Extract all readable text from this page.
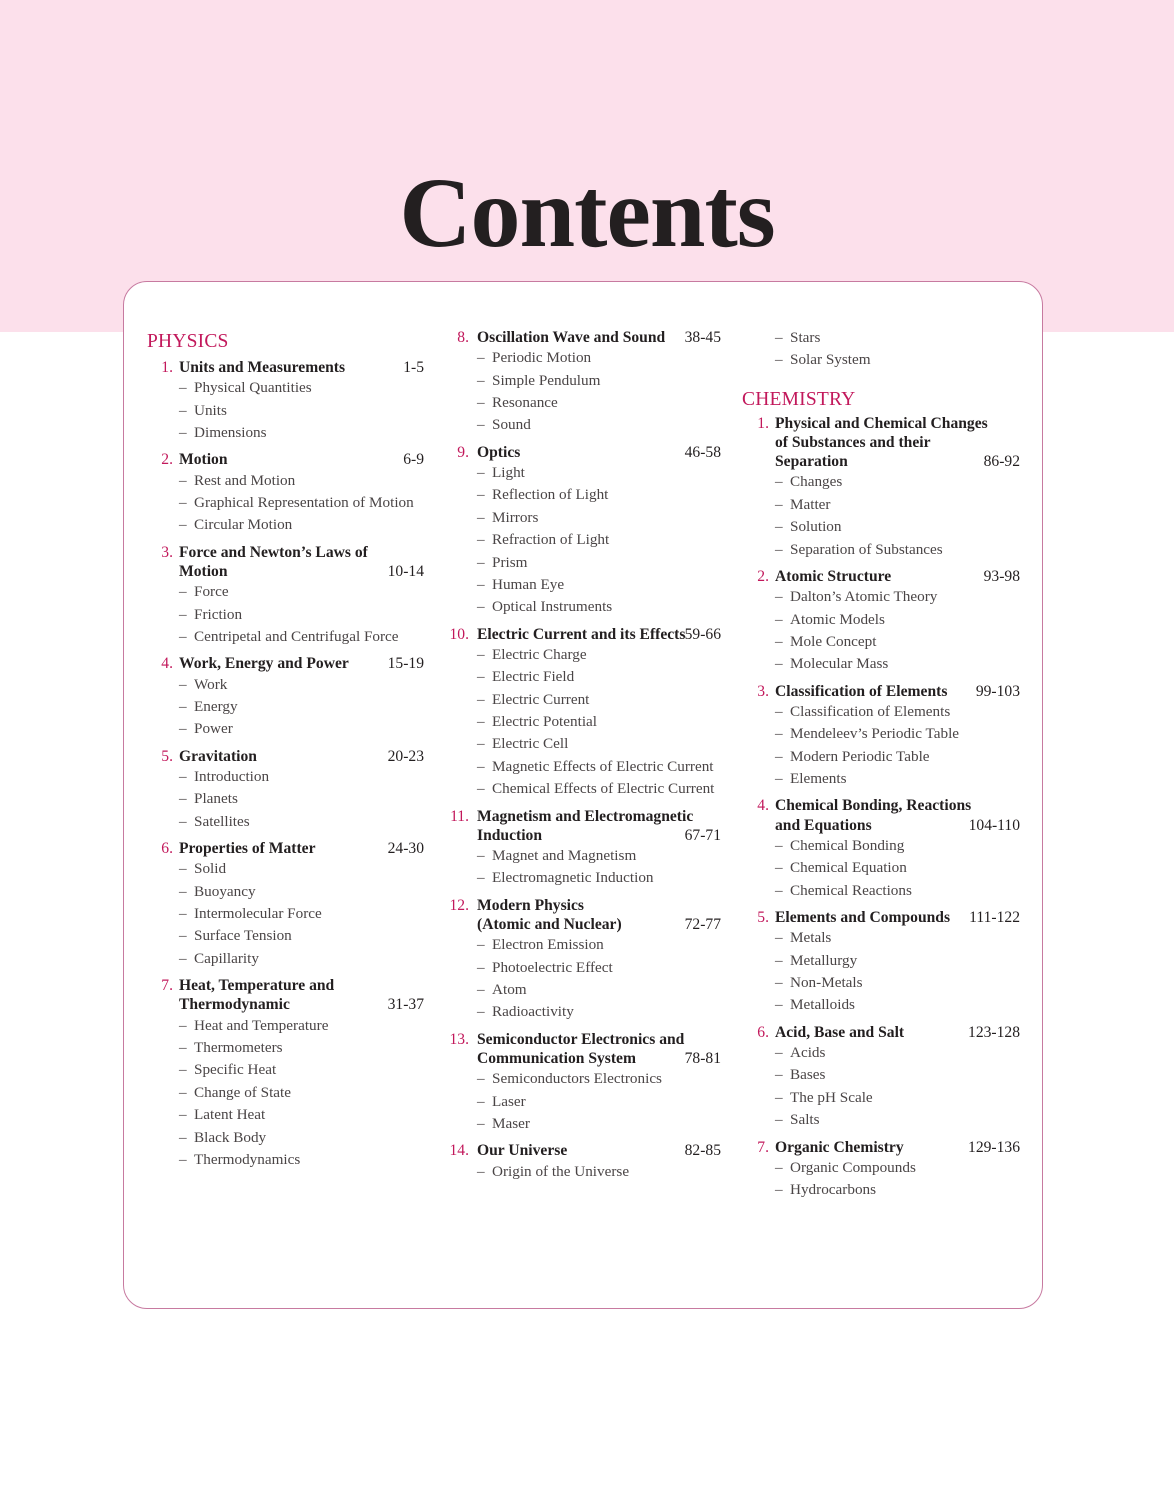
Contents
PHYSICS
1. Units and Measurements	1-5
– Physical Quantities
– Units
– Dimensions
2. Motion	6-9
– Rest and Motion
– Graphical Representation of Motion
– Circular Motion
3. Force and Newton’s Laws of
Motion	10-14
– Force
– Friction
– Centripetal and Centrifugal Force
4. Work, Energy and Power	15-19
– Work
– Energy
– Power
5. Gravitation	20-23
– Introduction
– Planets
– Satellites
6. Properties of Matter	24-30
– Solid
– Buoyancy
– Intermolecular Force
– Surface Tension
– Capillarity
7. Heat, Temperature and
Thermodynamic	31-37
– Heat and Temperature
– Thermometers
– Specific Heat
– Change of State
– Latent Heat
– Black Body
– Thermodynamics
8. Oscillation Wave and Sound	38-45
– Periodic Motion
– Simple Pendulum
– Resonance
– Sound
9. Optics	46-58
– Light
– Reflection of Light
– Mirrors
– Refraction of Light
– Prism
– Human Eye
– Optical Instruments
10. Electric Current and its Effects 59-66
– Electric Charge
– Electric Field
– Electric Current
– Electric Potential
– Electric Cell
– Magnetic Effects of Electric Current
– Chemical Effects of Electric Current
11. Magnetism and Electromagnetic
Induction	67-71
– Magnet and Magnetism
– Electromagnetic Induction
12. Modern Physics
(Atomic and Nuclear)	72-77
– Electron Emission
– Photoelectric Effect
– Atom
– Radioactivity
13. Semiconductor Electronics and
Communication System	78-81
– Semiconductors Electronics
– Laser
– Maser
14. Our Universe	82-85
– Origin of the Universe
– Stars
– Solar System
CHEMISTRY
1. Physical and Chemical Changes
of Substances and their
Separation	86-92
– Changes
– Matter
– Solution
– Separation of Substances
2. Atomic Structure	93-98
– Dalton’s Atomic Theory
– Atomic Models
– Mole Concept
– Molecular Mass
3. Classification of Elements	99-103
– Classification of Elements
– Mendeleev’s Periodic Table
– Modern Periodic Table
– Elements
4. Chemical Bonding, Reactions
and Equations	104-110
– Chemical Bonding
– Chemical Equation
– Chemical Reactions
5. Elements and Compounds	111-122
– Metals
– Metallurgy
– Non-Metals
– Metalloids
6. Acid, Base and Salt	123-128
– Acids
– Bases
– The pH Scale
– Salts
7. Organic Chemistry	129-136
– Organic Compounds
– Hydrocarbons
